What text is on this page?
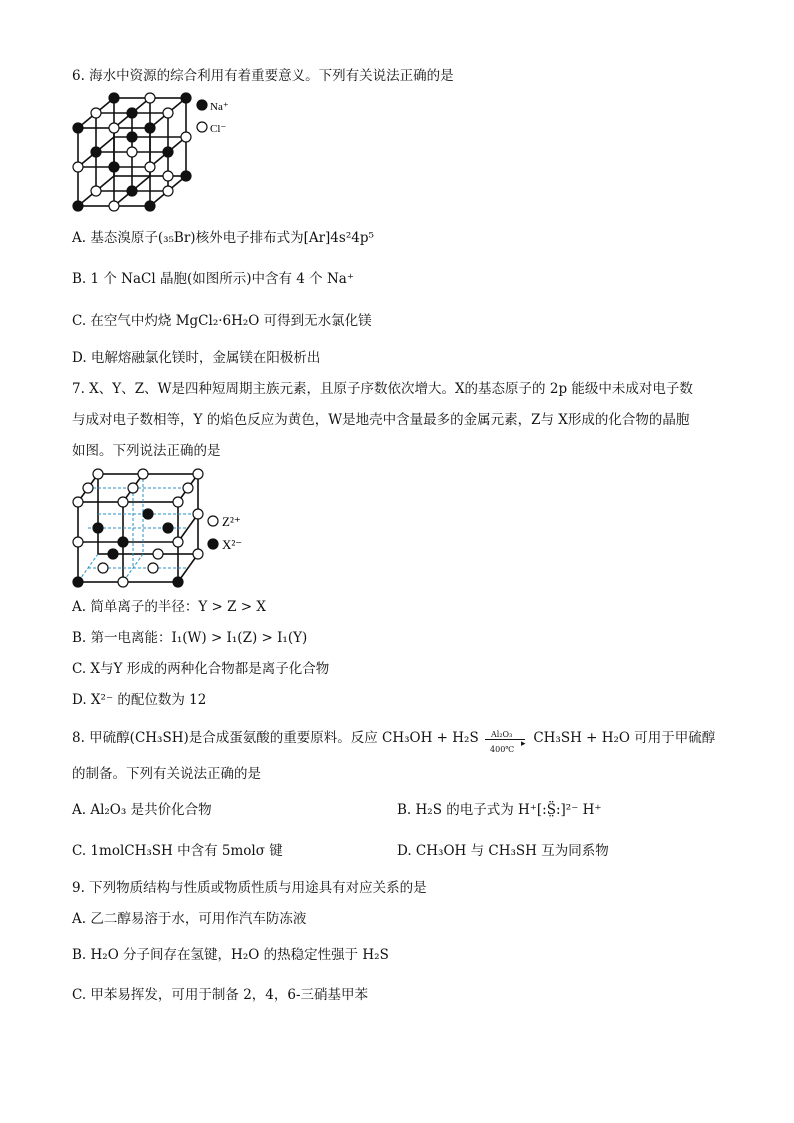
6. 海水中资源的综合利用有着重要意义。下列有关说法正确的是
Na⁺
Cl⁻
A. 基态溴原子(₃₅Br)核外电子排布式为[Ar]4s²4p⁵
B. 1 个 NaCl 晶胞(如图所示)中含有 4 个 Na⁺
C. 在空气中灼烧 MgCl₂·6H₂O 可得到无水氯化镁
D. 电解熔融氯化镁时，金属镁在阳极析出
7. X、Y、Z、W是四种短周期主族元素，且原子序数依次增大。X的基态原子的 2p 能级中未成对电子数
与成对电子数相等，Y 的焰色反应为黄色，W是地壳中含量最多的金属元素，Z与 X形成的化合物的晶胞
如图。下列说法正确的是
Z²⁺
X²⁻
A. 简单离子的半径：Y > Z > X
B. 第一电离能：I₁(W) > I₁(Z) > I₁(Y)
C. X与Y 形成的两种化合物都是离子化合物
D. X²⁻ 的配位数为 12
8. 甲硫醇(CH₃SH)是合成蛋氨酸的重要原料。反应 CH₃OH + H₂S Al₂O₃
▸
400℃
CH₃SH + H₂O 可用于甲硫醇
的制备。下列有关说法正确的是
A. Al₂O₃ 是共价化合物	B. H₂S 的电子式为 H⁺[:S̤̈:]²⁻ H⁺
C. 1molCH₃SH 中含有 5molσ 键	D. CH₃OH 与 CH₃SH 互为同系物
9. 下列物质结构与性质或物质性质与用途具有对应关系的是
A. 乙二醇易溶于水，可用作汽车防冻液
B. H₂O 分子间存在氢键，H₂O 的热稳定性强于 H₂S
C. 甲苯易挥发，可用于制备 2，4，6-三硝基甲苯
